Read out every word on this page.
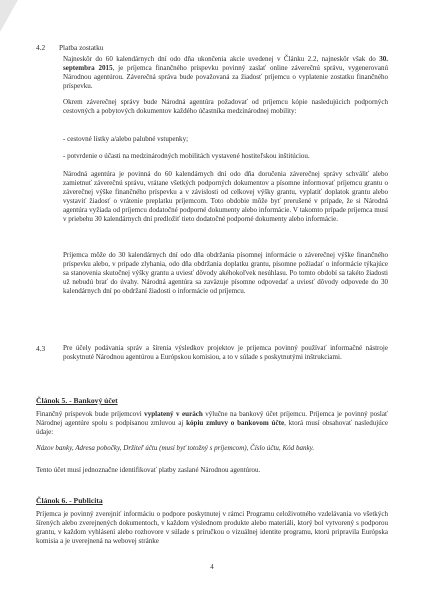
4.2 Platba zostatku

Najneskôr do 60 kalendárnych dní odo dňa ukončenia akcie uvedenej v Článku 2.2, najneskôr však do 30. septembra 2015, je príjemca finančného príspevku povinný zaslať online záverečnú správu, vygenerovanú Národnou agentúrou. Záverečná správa bude považovaná za žiadosť príjemcu o vyplatenie zostatku finančného príspevku.

Okrem záverečnej správy bude Národná agentúra požadovať od príjemcu kópie nasledujúcich podporných cestovných a pobytových dokumentov každého účastníka medzinárodnej mobility:

- cestovné lístky a/alebo palubné vstupenky;

- potvrdenie o účasti na medzinárodných mobilitách vystavené hostiteľskou inštitúciou.

Národná agentúra je povinná do 60 kalendárnych dní odo dňa doručenia záverečnej správy schváliť alebo zamietnuť záverečnú správu, vrátane všetkých podporných dokumentov a písomne informovať príjemcu grantu o záverečnej výške finančného príspevku a v závislosti od celkovej výšky grantu, vyplatiť doplatok grantu alebo vystaviť žiadosť o vrátenie preplatku príjemcom. Toto obdobie môže byť prerušené v prípade, že si Národná agentúra vyžiada od príjemcu dodatočné podporné dokumenty alebo informácie. V takomto prípade príjemca musí v priebehu 30 kalendárnych dní predložiť tieto dodatočné podporné dokumenty alebo informácie.

Príjemca môže do 30 kalendárnych dní odo dňa obdržania písomnej informácie o záverečnej výške finančného príspevku alebo, v prípade zlyhania, odo dňa obdržania doplatku grantu, písomne požiadať o informácie týkajúce sa stanovenia skutočnej výšky grantu a uviesť dôvody akéhokoľvek nesúhlasu. Po tomto období sa takéto žiadosti už nebudú brať do úvahy. Národná agentúra sa zaväzuje písomne odpovedať a uviesť dôvody odpovede do 30 kalendárnych dní po obdržaní žiadosti o informácie od príjemcu.

4.3	Pre účely podávania správ a šírenia výsledkov projektov je príjemca povinný používať informačné nástroje poskytnuté Národnou agentúrou a Európskou komisiou, a to v súlade s poskytnutými inštrukciami.

Článok 5. - Bankový účet

Finančný príspevok bude príjemcovi vyplatený v eurách výlučne na bankový účet príjemcu. Príjemca je povinný poslať Národnej agentúre spolu s podpísanou zmluvou aj kópiu zmluvy o bankovom účte, ktorá musí obsahovať nasledujúce údaje:

Názov banky, Adresa pobočky, Držiteľ účtu (musí byť totožný s príjemcom), Číslo účtu, Kód banky.

Tento účet musí jednoznačne identifikovať platby zaslané Národnou agentúrou.

Článok 6. - Publicita

Príjemca je povinný zverejniť informáciu o podpore poskytnutej v rámci Programu celoživotného vzdelávania vo všetkých šírených alebo zverejnených dokumentoch, v každom výslednom produkte alebo materiáli, ktorý bol vytvorený s podporou grantu, v každom vyhlásení alebo rozhovore v súlade s príručkou o vizuálnej identite programu, ktorú pripravila Európska komisia a je uverejnená na webovej stránke

4
